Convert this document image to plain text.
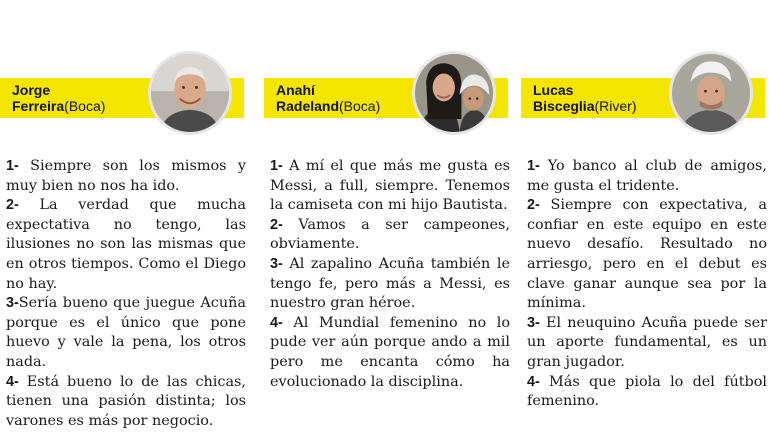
Jorge
Ferreira(Boca)

1- Siempre son los mismos y muy bien no nos ha ido.

2- La verdad que mucha expectativa no tengo, las ilusiones no son las mismas que en otros tiempos. Como el Diego no hay.

3-Sería bueno que juegue Acuña porque es el único que pone huevo y vale la pena, los otros nada.

4- Está bueno lo de las chicas, tienen una pasión distinta; los varones es más por negocio.

Anahí
Radeland(Boca)

1- A mí el que más me gusta es Messi, a full, siempre. Tenemos la camiseta con mi hijo Bautista.

2- Vamos a ser campeones, obviamente.

3- Al zapalino Acuña también le tengo fe, pero más a Messi, es nuestro gran héroe.

4- Al Mundial femenino no lo pude ver aún porque ando a mil pero me encanta cómo ha evolucionado la disciplina.

Lucas
Bisceglia(River)

1- Yo banco al club de amigos, me gusta el tridente.

2- Siempre con expectativa, a confiar en este equipo en este nuevo desafío. Resultado no arriesgo, pero en el debut es clave ganar aunque sea por la mínima.

3- El neuquino Acuña puede ser un aporte fundamental, es un gran jugador.

4- Más que piola lo del fútbol femenino.
